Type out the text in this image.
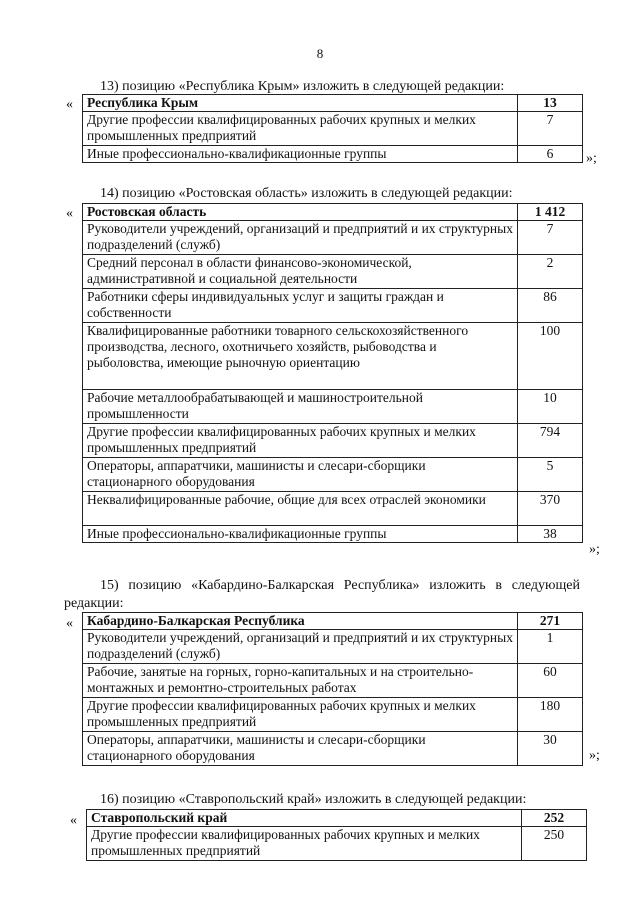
8
13) позицию «Республика Крым» изложить в следующей редакции:
« Республика Крым	13
Другие профессии квалифицированных рабочих крупных и мелких промышленных предприятий	7
Иные профессионально-квалификационные группы	6 »;
14) позицию «Ростовская область» изложить в следующей редакции:
« Ростовская область	1 412
Руководители учреждений, организаций и предприятий и их структурных подразделений (служб)	7
Средний персонал в области финансово-экономической, административной и социальной деятельности	2
Работники сферы индивидуальных услуг и защиты граждан и собственности	86
Квалифицированные работники товарного сельскохозяйственного производства, лесного, охотничьего хозяйств, рыбоводства и рыболовства, имеющие рыночную ориентацию	100
Рабочие металлообрабатывающей и машиностроительной промышленности	10
Другие профессии квалифицированных рабочих крупных и мелких промышленных предприятий	794
Операторы, аппаратчики, машинисты и слесари-сборщики стационарного оборудования	5
Неквалифицированные рабочие, общие для всех отраслей экономики	370
Иные профессионально-квалификационные группы	38
»;
15) позицию «Кабардино-Балкарская Республика» изложить в следующей
редакции:
« Кабардино-Балкарская Республика	271
Руководители учреждений, организаций и предприятий и их структурных подразделений (служб)	1
Рабочие, занятые на горных, горно-капитальных и на строительно-монтажных и ремонтно-строительных работах	60
Другие профессии квалифицированных рабочих крупных и мелких промышленных предприятий	180
Операторы, аппаратчики, машинисты и слесари-сборщики стационарного оборудования	30
»;
16) позицию «Ставропольский край» изложить в следующей редакции:
« Ставропольский край	252
Другие профессии квалифицированных рабочих крупных и мелких промышленных предприятий	250
